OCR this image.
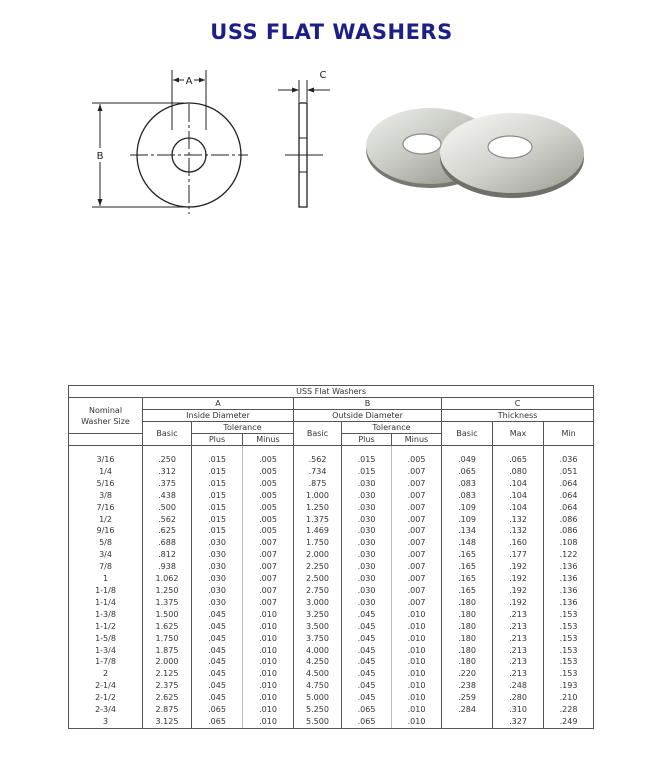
USS FLAT WASHERS
A
B
C
USS Flat Washers									
Nominal Washer Size	A			B			C		
	Inside Diameter			Outside Diameter			Thickness		
	Basic	Tolerance		Basic	Tolerance		Basic	Max	Min
		Plus	Minus		Plus	Minus			

3/16	.250	.015	.005	.562	.015	.005	.049	.065	.036
1/4	.312	.015	.005	.734	.015	.007	.065	.080	.051
5/16	.375	.015	.005	.875	.030	.007	.083	.104	.064
3/8	.438	.015	.005	1.000	.030	.007	.083	.104	.064
7/16	.500	.015	.005	1.250	.030	.007	.109	.104	.064
1/2	.562	.015	.005	1.375	.030	.007	.109	.132	.086
9/16	.625	.015	.005	1.469	.030	.007	.134	.132	.086
5/8	.688	.030	.007	1.750	.030	.007	.148	.160	.108
3/4	.812	.030	.007	2.000	.030	.007	.165	.177	.122
7/8	.938	.030	.007	2.250	.030	.007	.165	.192	.136
1	1.062	.030	.007	2.500	.030	.007	.165	.192	.136
1-1/8	1.250	.030	.007	2.750	.030	.007	.165	.192	.136
1-1/4	1.375	.030	.007	3.000	.030	.007	.180	.192	.136
1-3/8	1.500	.045	.010	3.250	.045	.010	.180	.213	.153
1-1/2	1.625	.045	.010	3.500	.045	.010	.180	.213	.153
1-5/8	1.750	.045	.010	3.750	.045	.010	.180	.213	.153
1-3/4	1.875	.045	.010	4.000	.045	.010	.180	.213	.153
1-7/8	2.000	.045	.010	4.250	.045	.010	.180	.213	.153
2	2.125	.045	.010	4.500	.045	.010	.220	.213	.153
2-1/4	2.375	.045	.010	4.750	.045	.010	.238	.248	.193
2-1/2	2.625	.045	.010	5.000	.045	.010	.259	.280	.210
2-3/4	2.875	.065	.010	5.250	.065	.010	.284	.310	.228
3	3.125	.065	.010	5.500	.065	.010		.327	.249
